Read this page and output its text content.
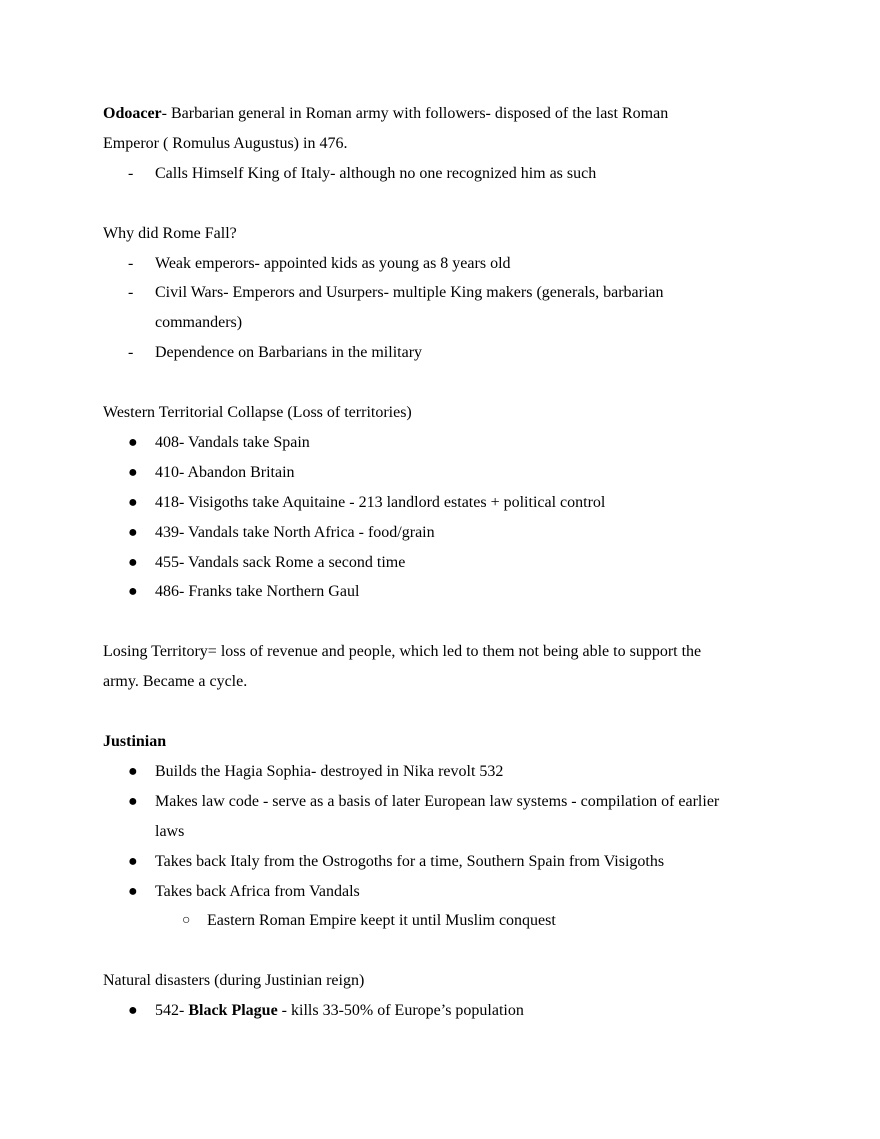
Odoacer- Barbarian general in Roman army with followers- disposed of the last Roman
Emperor ( Romulus Augustus) in 476.
- Calls Himself King of Italy- although no one recognized him as such
Why did Rome Fall?
- Weak emperors- appointed kids as young as 8 years old
- Civil Wars- Emperors and Usurpers- multiple King makers (generals, barbarian
commanders)
- Dependence on Barbarians in the military
Western Territorial Collapse (Loss of territories)
● 408- Vandals take Spain
● 410- Abandon Britain
● 418- Visigoths take Aquitaine - 213 landlord estates + political control
● 439- Vandals take North Africa - food/grain
● 455- Vandals sack Rome a second time
● 486- Franks take Northern Gaul
Losing Territory= loss of revenue and people, which led to them not being able to support the
army. Became a cycle.
Justinian
● Builds the Hagia Sophia- destroyed in Nika revolt 532
● Makes law code - serve as a basis of later European law systems - compilation of earlier
laws
● Takes back Italy from the Ostrogoths for a time, Southern Spain from Visigoths
● Takes back Africa from Vandals
○ Eastern Roman Empire keept it until Muslim conquest
Natural disasters (during Justinian reign)
● 542- Black Plague - kills 33-50% of Europe’s population
